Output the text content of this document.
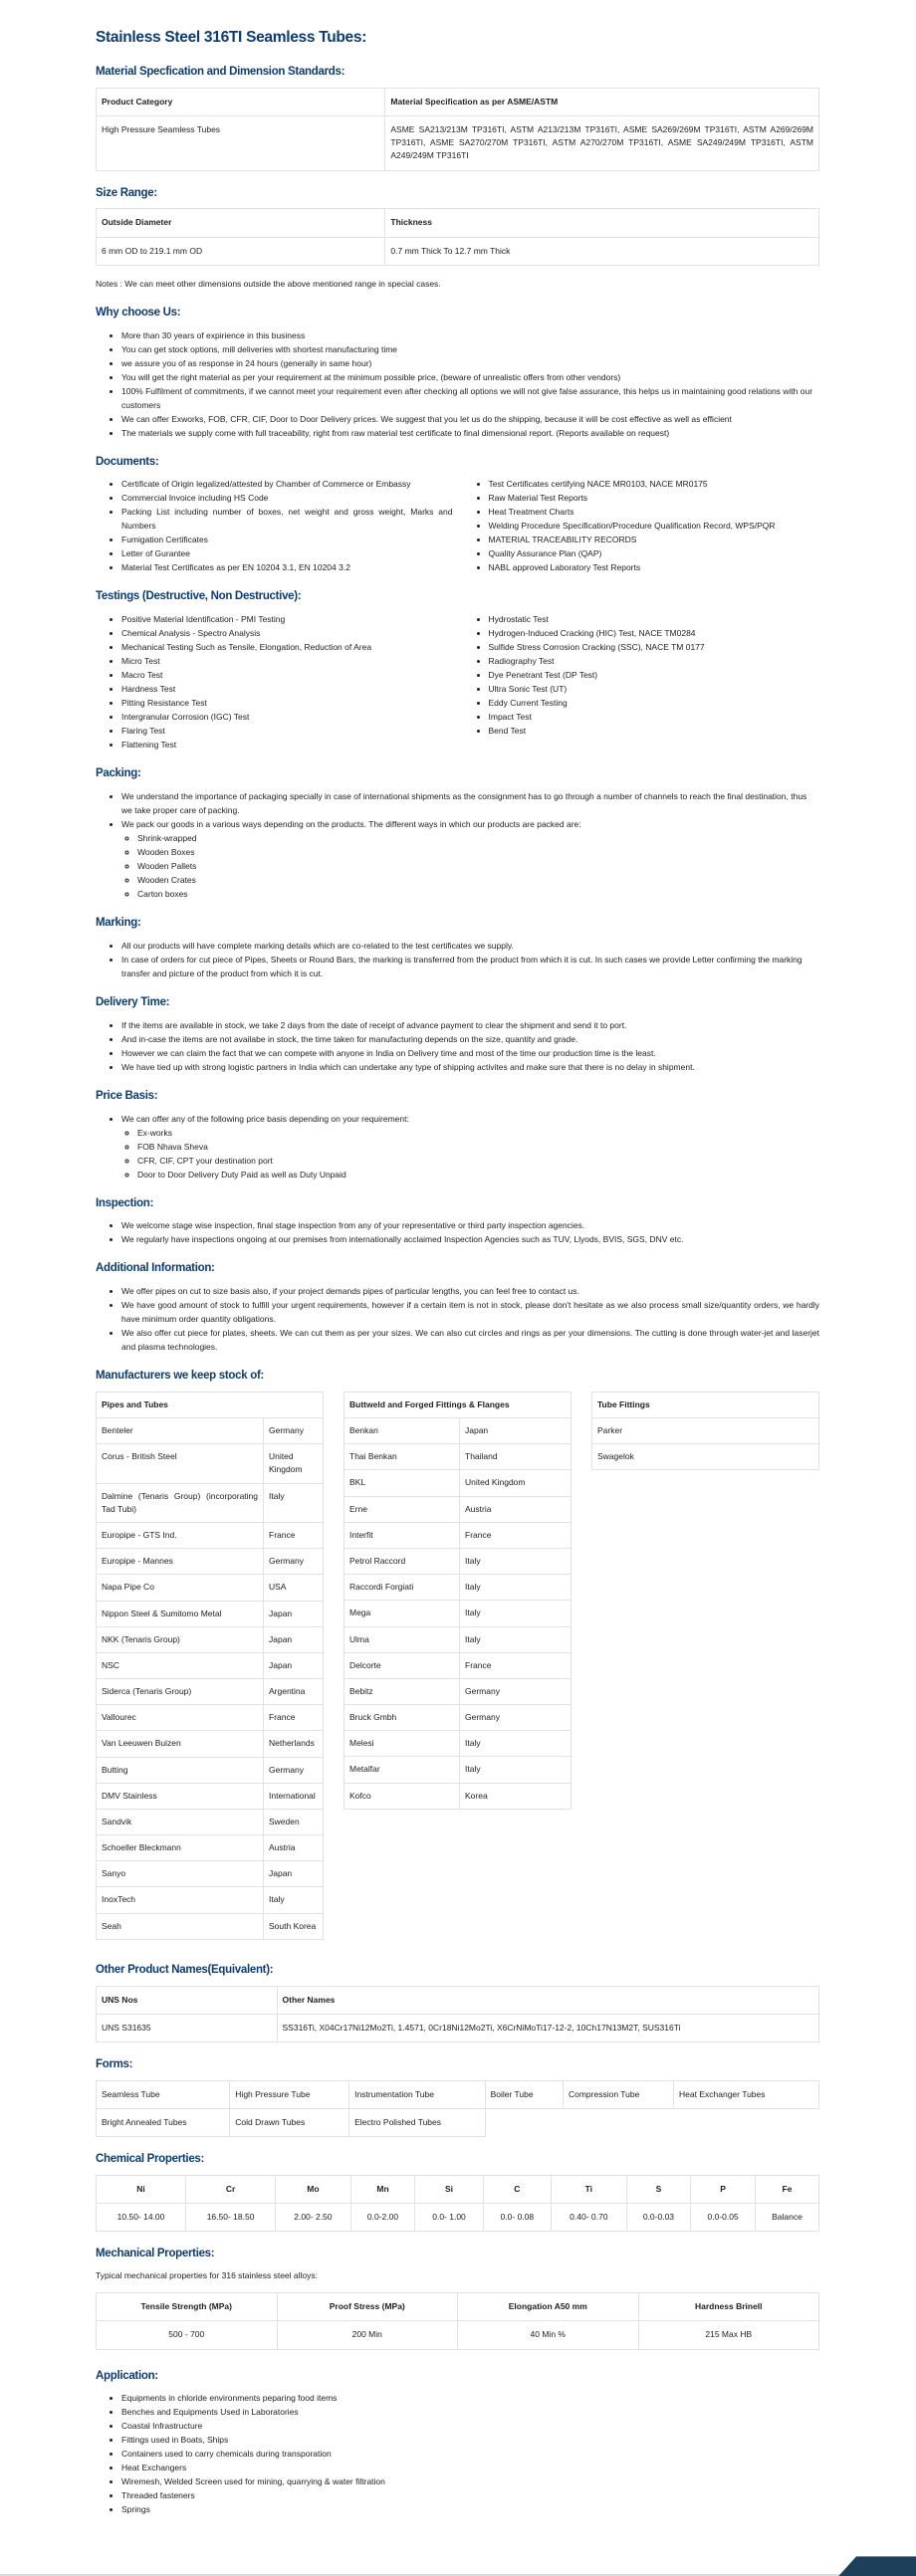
Stainless Steel 316TI Seamless Tubes:
Material Specfication and Dimension Standards:
Product Category	Material Specification as per ASME/ASTM
High Pressure Seamless Tubes	ASME SA213/213M TP316TI, ASTM A213/213M TP316TI, ASME SA269/269M TP316TI, ASTM A269/269M TP316TI, ASME SA270/270M TP316TI, ASTM A270/270M TP316TI, ASME SA249/249M TP316TI, ASTM A249/249M TP316TI
Size Range:
Outside Diameter	Thickness
6 mm OD to 219.1 mm OD	0.7 mm Thick To 12.7 mm Thick

Notes : We can meet other dimensions outside the above mentioned range in special cases.

Why choose Us:
• More than 30 years of expirience in this business
• You can get stock options, mill deliveries with shortest manufacturing time
• we assure you of as response in 24 hours (generally in same hour)
• You will get the right material as per your requirement at the minimum possible price, (beware of unrealistic offers from other vendors)
• 100% Fulfilment of commitments, if we cannot meet your requirement even after checking all options we will not give false assurance, this helps us in maintaining good relations with our customers
• We can offer Exworks, FOB, CFR, CIF, Door to Door Delivery prices. We suggest that you let us do the shipping, because it will be cost effective as well as efficient
• The materials we supply come with full traceability, right from raw material test certificate to final dimensional report. (Reports available on request)
Documents:
• Certificate of Origin legalized/attested by Chamber of Commerce or Embassy
• Commercial Invoice including HS Code
• Packing List including number of boxes, net weight and gross weight, Marks and Numbers
• Fumigation Certificates
• Letter of Gurantee
• Material Test Certificates as per EN 10204 3.1, EN 10204 3.2
• Test Certificates certifying NACE MR0103, NACE MR0175
• Raw Material Test Reports
• Heat Treatment Charts
• Welding Procedure Specification/Procedure Qualification Record, WPS/PQR
• MATERIAL TRACEABILITY RECORDS
• Quality Assurance Plan (QAP)
• NABL approved Laboratory Test Reports
Testings (Destructive, Non Destructive):
• Positive Material Identification - PMI Testing
• Chemical Analysis - Spectro Analysis
• Mechanical Testing Such as Tensile, Elongation, Reduction of Area
• Micro Test
• Macro Test
• Hardness Test
• Pitting Resistance Test
• Intergranular Corrosion (IGC) Test
• Flaring Test
• Flattening Test
• Hydrostatic Test
• Hydrogen-Induced Cracking (HIC) Test, NACE TM0284
• Sulfide Stress Corrosion Cracking (SSC), NACE TM 0177
• Radiography Test
• Dye Penetrant Test (DP Test)
• Ultra Sonic Test (UT)
• Eddy Current Testing
• Impact Test
• Bend Test
Packing:
• We understand the importance of packaging specially in case of international shipments as the consignment has to go through a number of channels to reach the final destination, thus we take proper care of packing.
• We pack our goods in a various ways depending on the products. The different ways in which our products are packed are:
◦ Shrink-wrapped
◦ Wooden Boxes
◦ Wooden Pallets
◦ Wooden Crates
◦ Carton boxes
Marking:
• All our products will have complete marking details which are co-related to the test certificates we supply.
• In case of orders for cut piece of Pipes, Sheets or Round Bars, the marking is transferred from the product from which it is cut. In such cases we provide Letter confirming the marking transfer and picture of the product from which it is cut.
Delivery Time:
• If the items are available in stock, we take 2 days from the date of receipt of advance payment to clear the shipment and send it to port.
• And in-case the items are not availabe in stock, the time taken for manufacturing depends on the size, quantity and grade.
• However we can claim the fact that we can compete with anyone in India on Delivery time and most of the time our production time is the least.
• We have tied up with strong logistic partners in India which can undertake any type of shipping activites and make sure that there is no delay in shipment.
Price Basis:
• We can offer any of the following price basis depending on your requirement:
◦ Ex-works
◦ FOB Nhava Sheva
◦ CFR, CIF, CPT your destination port
◦ Door to Door Delivery Duty Paid as well as Duty Unpaid
Inspection:
• We welcome stage wise inspection, final stage inspection from any of your representative or third party inspection agencies.
• We regularly have inspections ongoing at our premises from internationally acclaimed Inspection Agencies such as TUV, Llyods, BVIS, SGS, DNV etc.
Additional Information:
• We offer pipes on cut to size basis also, if your project demands pipes of particular lengths, you can feel free to contact us.
• We have good amount of stock to fulfill your urgent requirements, however if a certain item is not in stock, please don't hesitate as we also process small size/quantity orders, we hardly have minimum order quantity obligations.
• We also offer cut piece for plates, sheets. We can cut them as per your sizes. We can also cut circles and rings as per your dimensions. The cutting is done through water-jet and laserjet and plasma technologies.
Manufacturers we keep stock of:
Pipes and Tubes	
Benteler	Germany
Corus - British Steel	United Kingdom
Dalmine (Tenaris Group) (incorporating Tad Tubi)	Italy
Europipe - GTS Ind.	France
Europipe - Mannes	Germany
Napa Pipe Co	USA
Nippon Steel & Sumitomo Metal	Japan
NKK (Tenaris Group)	Japan
NSC	Japan
Siderca (Tenaris Group)	Argentina
Vallourec	France
Van Leeuwen Buizen	Netherlands
Butting	Germany
DMV Stainless	International
Sandvik	Sweden
Schoeller Bleckmann	Austria
Sanyo	Japan
InoxTech	Italy
Seah	South Korea
Buttweld and Forged Fittings & Flanges	
Benkan	Japan
Thai Benkan	Thailand
BKL	United Kingdom
Erne	Austria
Interfit	France
Petrol Raccord	Italy
Raccordi Forgiati	Italy
Mega	Italy
Ulma	Italy
Delcorte	France
Bebitz	Germany
Bruck Gmbh	Germany
Melesi	Italy
Metalfar	Italy
Kofco	Korea
Tube Fittings
Parker
Swagelok
Other Product Names(Equivalent):
UNS Nos	Other Names
UNS S31635	SS316Ti, X04Cr17Ni12Mo2Ti, 1.4571, 0Cr18Ni12Mo2Ti, X6CrNiMoTi17-12-2, 10Ch17N13M2T, SUS316Ti
Forms:
Seamless Tube	High Pressure Tube	Instrumentation Tube	Boiler Tube	Compression Tube	Heat Exchanger Tubes
Bright Annealed Tubes	Cold Drawn Tubes	Electro Polished Tubes			
Chemical Properties:
Ni	Cr	Mo	Mn	Si	C	Ti	S	P	Fe
10.50- 14.00	16.50- 18.50	2.00- 2.50	0.0-2.00	0.0- 1.00	0.0- 0.08	0.40- 0.70	0.0-0.03	0.0-0.05	Balance
Mechanical Properties:

Typical mechanical properties for 316 stainless steel alloys:

Tensile Strength (MPa)	Proof Stress (MPa)	Elongation A50 mm	Hardness Brinell
500 - 700	200 Min	40 Min %	215 Max HB
Application:
• Equipments in chloride environments peparing food items
• Benches and Equipments Used in Laboratories
• Coastal Infrastructure
• Fittings used in Boats, Ships
• Containers used to carry chemicals during transporation
• Heat Exchangers
• Wiremesh, Welded Screen used for mining, quarrying & water filtration
• Threaded fasteners
• Springs
